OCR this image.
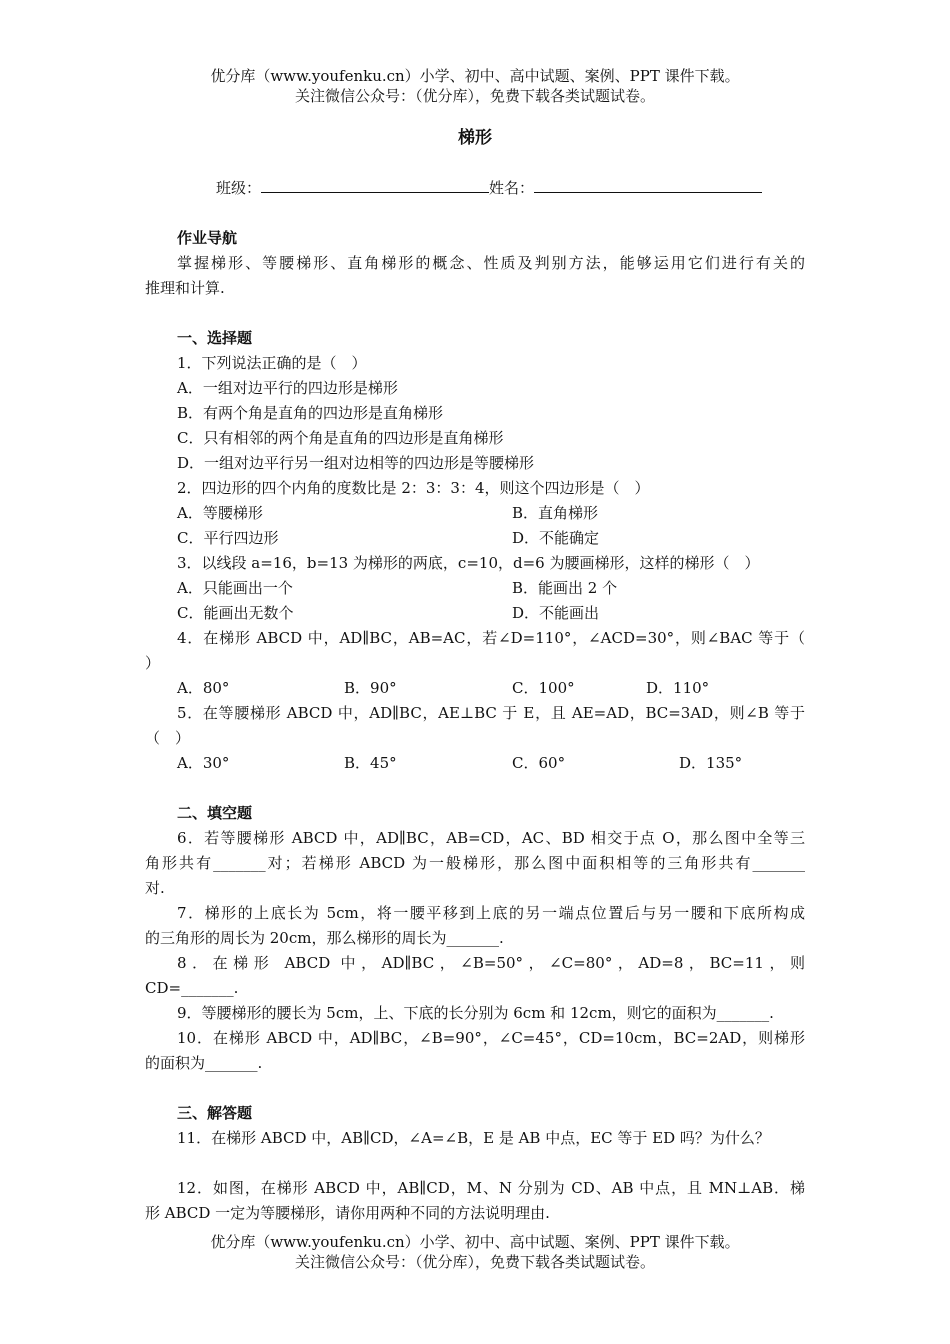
优分库（www.youfenku.cn）小学、初中、高中试题、案例、PPT 课件下载。
关注微信公众号：（优分库），免费下载各类试题试卷。
梯形
班级：	姓名：
作业导航
掌握梯形、等腰梯形、直角梯形的概念、性质及判别方法，能够运用它们进行有关的
推理和计算.
一、选择题
1．下列说法正确的是（　）
A．一组对边平行的四边形是梯形
B．有两个角是直角的四边形是直角梯形
C．只有相邻的两个角是直角的四边形是直角梯形
D．一组对边平行另一组对边相等的四边形是等腰梯形
2．四边形的四个内角的度数比是 2：3：3：4，则这个四边形是（　）
A．等腰梯形	B．直角梯形
C．平行四边形	D．不能确定
3．以线段 a=16，b=13 为梯形的两底，c=10，d=6 为腰画梯形，这样的梯形（　）
A．只能画出一个	B．能画出 2 个
C．能画出无数个	D．不能画出
4．在梯形 ABCD 中，AD∥BC，AB=AC，若∠D=110°，∠ACD=30°，则∠BAC 等于（
）
A．80°	B．90°	C．100°	D．110°
5．在等腰梯形 ABCD 中，AD∥BC，AE⊥BC 于 E，且 AE=AD，BC=3AD，则∠B 等于
（　）
A．30°	B．45°	C．60°	D．135°
二、填空题
6．若等腰梯形 ABCD 中，AD∥BC，AB=CD，AC、BD 相交于点 O，那么图中全等三
角形共有_______对；若梯形 ABCD 为一般梯形，那么图中面积相等的三角形共有_______
对.
7．梯形的上底长为 5cm，将一腰平移到上底的另一端点位置后与另一腰和下底所构成
的三角形的周长为 20cm，那么梯形的周长为_______.
8．在梯形 ABCD 中，AD∥BC，∠B=50°，∠C=80°，AD=8，BC=11，则
CD=_______.
9．等腰梯形的腰长为 5cm，上、下底的长分别为 6cm 和 12cm，则它的面积为_______.
10．在梯形 ABCD 中，AD∥BC，∠B=90°，∠C=45°，CD=10cm，BC=2AD，则梯形
的面积为_______.
三、解答题
11．在梯形 ABCD 中，AB∥CD，∠A=∠B，E 是 AB 中点，EC 等于 ED 吗？为什么？
12．如图，在梯形 ABCD 中，AB∥CD，M、N 分别为 CD、AB 中点，且 MN⊥AB．梯
形 ABCD 一定为等腰梯形，请你用两种不同的方法说明理由.
优分库（www.youfenku.cn）小学、初中、高中试题、案例、PPT 课件下载。
关注微信公众号：（优分库），免费下载各类试题试卷。
